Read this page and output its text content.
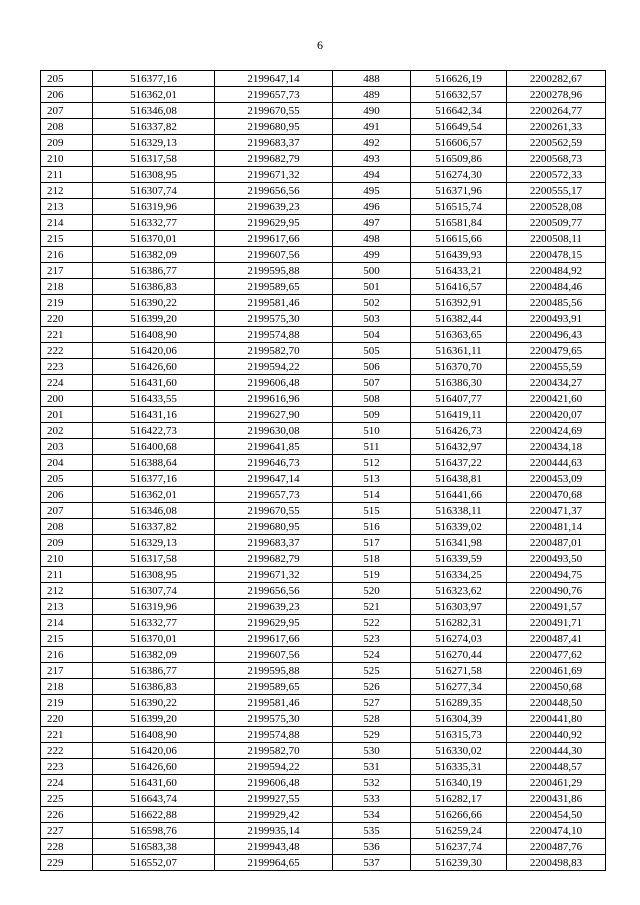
6
205	516377,16	2199647,14	488	516626,19	2200282,67
206	516362,01	2199657,73	489	516632,57	2200278,96
207	516346,08	2199670,55	490	516642,34	2200264,77
208	516337,82	2199680,95	491	516649,54	2200261,33
209	516329,13	2199683,37	492	516606,57	2200562,59
210	516317,58	2199682,79	493	516509,86	2200568,73
211	516308,95	2199671,32	494	516274,30	2200572,33
212	516307,74	2199656,56	495	516371,96	2200555,17
213	516319,96	2199639,23	496	516515,74	2200528,08
214	516332,77	2199629,95	497	516581,84	2200509,77
215	516370,01	2199617,66	498	516615,66	2200508,11
216	516382,09	2199607,56	499	516439,93	2200478,15
217	516386,77	2199595,88	500	516433,21	2200484,92
218	516386,83	2199589,65	501	516416,57	2200484,46
219	516390,22	2199581,46	502	516392,91	2200485,56
220	516399,20	2199575,30	503	516382,44	2200493,91
221	516408,90	2199574,88	504	516363,65	2200496,43
222	516420,06	2199582,70	505	516361,11	2200479,65
223	516426,60	2199594,22	506	516370,70	2200455,59
224	516431,60	2199606,48	507	516386,30	2200434,27
200	516433,55	2199616,96	508	516407,77	2200421,60
201	516431,16	2199627,90	509	516419,11	2200420,07
202	516422,73	2199630,08	510	516426,73	2200424,69
203	516400,68	2199641,85	511	516432,97	2200434,18
204	516388,64	2199646,73	512	516437,22	2200444,63
205	516377,16	2199647,14	513	516438,81	2200453,09
206	516362,01	2199657,73	514	516441,66	2200470,68
207	516346,08	2199670,55	515	516338,11	2200471,37
208	516337,82	2199680,95	516	516339,02	2200481,14
209	516329,13	2199683,37	517	516341,98	2200487,01
210	516317,58	2199682,79	518	516339,59	2200493,50
211	516308,95	2199671,32	519	516334,25	2200494,75
212	516307,74	2199656,56	520	516323,62	2200490,76
213	516319,96	2199639,23	521	516303,97	2200491,57
214	516332,77	2199629,95	522	516282,31	2200491,71
215	516370,01	2199617,66	523	516274,03	2200487,41
216	516382,09	2199607,56	524	516270,44	2200477,62
217	516386,77	2199595,88	525	516271,58	2200461,69
218	516386,83	2199589,65	526	516277,34	2200450,68
219	516390,22	2199581,46	527	516289,35	2200448,50
220	516399,20	2199575,30	528	516304,39	2200441,80
221	516408,90	2199574,88	529	516315,73	2200440,92
222	516420,06	2199582,70	530	516330,02	2200444,30
223	516426,60	2199594,22	531	516335,31	2200448,57
224	516431,60	2199606,48	532	516340,19	2200461,29
225	516643,74	2199927,55	533	516282,17	2200431,86
226	516622,88	2199929,42	534	516266,66	2200454,50
227	516598,76	2199935,14	535	516259,24	2200474,10
228	516583,38	2199943,48	536	516237,74	2200487,76
229	516552,07	2199964,65	537	516239,30	2200498,83
